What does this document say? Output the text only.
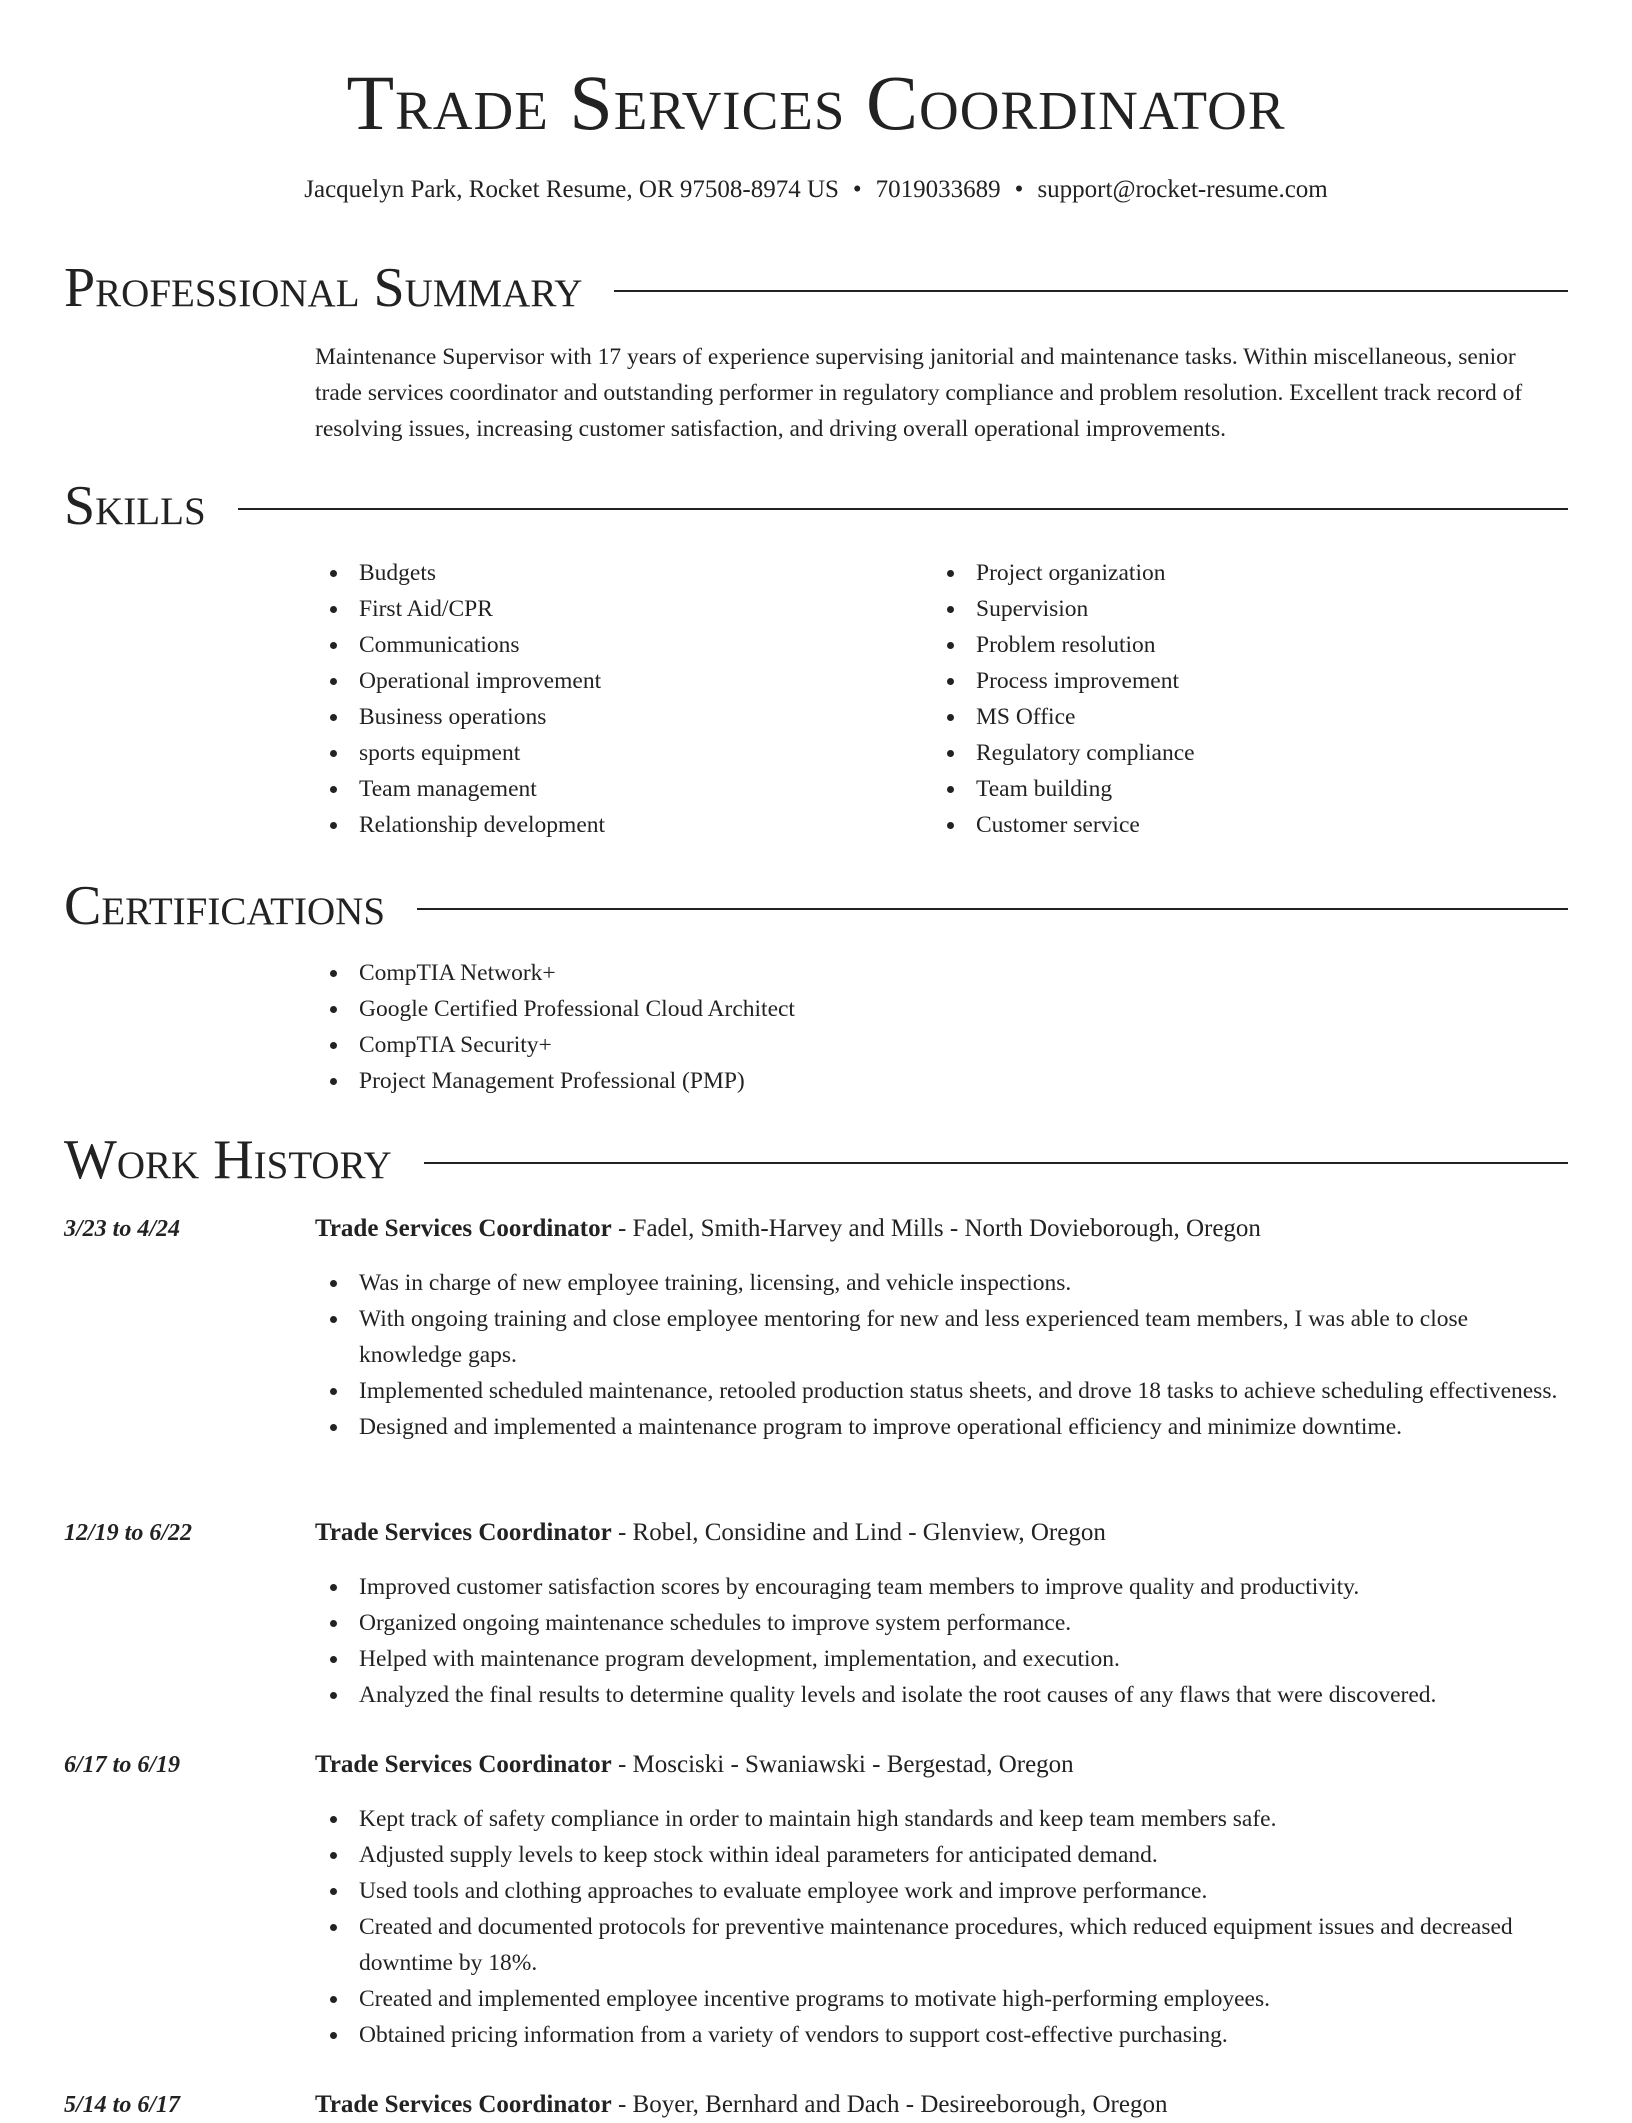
Trade Services Coordinator
Jacquelyn Park, Rocket Resume, OR 97508-8974 US • 7019033689 • support@rocket-resume.com
Professional Summary

Maintenance Supervisor with 17 years of experience supervising janitorial and maintenance tasks. Within miscellaneous, senior trade services coordinator and outstanding performer in regulatory compliance and problem resolution. Excellent track record of resolving issues, increasing customer satisfaction, and driving overall operational improvements.

Skills
Budgets
First Aid/CPR
Communications
Operational improvement
Business operations
sports equipment
Team management
Relationship development
Project organization
Supervision
Problem resolution
Process improvement
MS Office
Regulatory compliance
Team building
Customer service
Certifications
CompTIA Network+
Google Certified Professional Cloud Architect
CompTIA Security+
Project Management Professional (PMP)
Work History
3/23 to 4/24	Trade Services Coordinator - Fadel, Smith-Harvey and Mills - North Dovieborough, Oregon
Was in charge of new employee training, licensing, and vehicle inspections.
With ongoing training and close employee mentoring for new and less experienced team members, I was able to close knowledge gaps.
Implemented scheduled maintenance, retooled production status sheets, and drove 18 tasks to achieve scheduling effectiveness.
Designed and implemented a maintenance program to improve operational efficiency and minimize downtime.
12/19 to 6/22	Trade Services Coordinator - Robel, Considine and Lind - Glenview, Oregon
Improved customer satisfaction scores by encouraging team members to improve quality and productivity.
Organized ongoing maintenance schedules to improve system performance.
Helped with maintenance program development, implementation, and execution.
Analyzed the final results to determine quality levels and isolate the root causes of any flaws that were discovered.
6/17 to 6/19	Trade Services Coordinator - Mosciski - Swaniawski - Bergestad, Oregon
Kept track of safety compliance in order to maintain high standards and keep team members safe.
Adjusted supply levels to keep stock within ideal parameters for anticipated demand.
Used tools and clothing approaches to evaluate employee work and improve performance.
Created and documented protocols for preventive maintenance procedures, which reduced equipment issues and decreased downtime by 18%.
Created and implemented employee incentive programs to motivate high-performing employees.
Obtained pricing information from a variety of vendors to support cost-effective purchasing.
5/14 to 6/17	Trade Services Coordinator - Boyer, Bernhard and Dach - Desireeborough, Oregon
